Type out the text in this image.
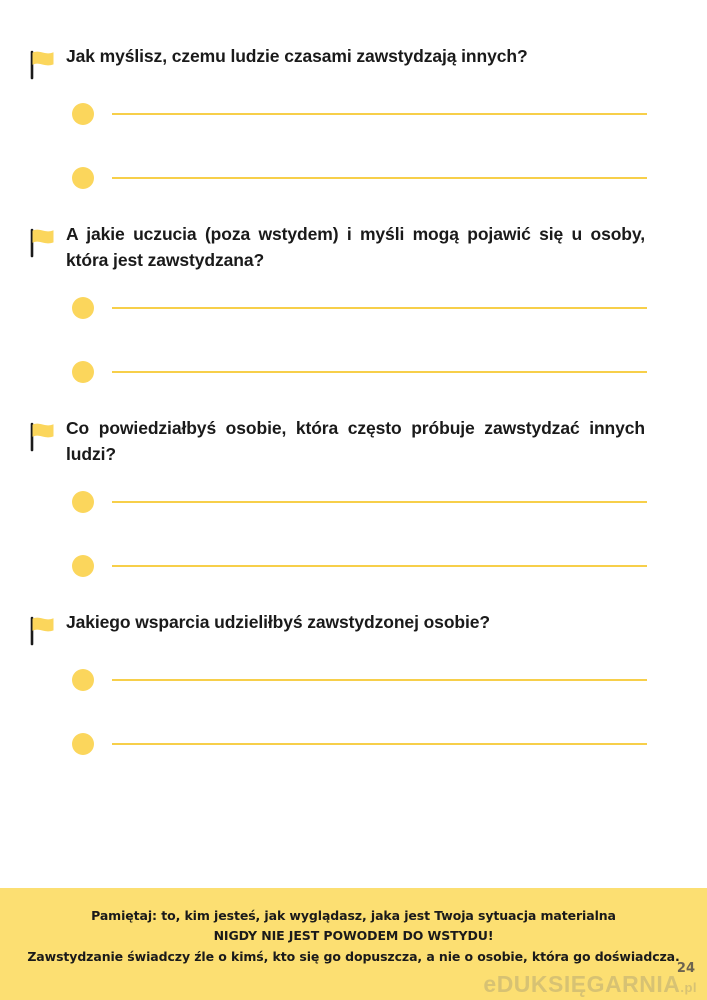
Jak myślisz, czemu ludzie czasami zawstydzają innych?
A jakie uczucia (poza wstydem) i myśli mogą pojawić się u osoby, która jest zawstydzana?
Co powiedziałbyś osobie, która często próbuje zawstydzać innych ludzi?
Jakiego wsparcia udzieliłbyś zawstydzonej osobie?
Pamiętaj: to, kim jesteś, jak wyglądasz, jaka jest Twoja sytuacja materialna
NIGDY NIE JEST POWODEM DO WSTYDU!
Zawstydzanie świadczy źle o kimś, kto się go dopuszcza, a nie o osobie, która go doświadcza.
24
eDUKSIĘGARNIA.pl
